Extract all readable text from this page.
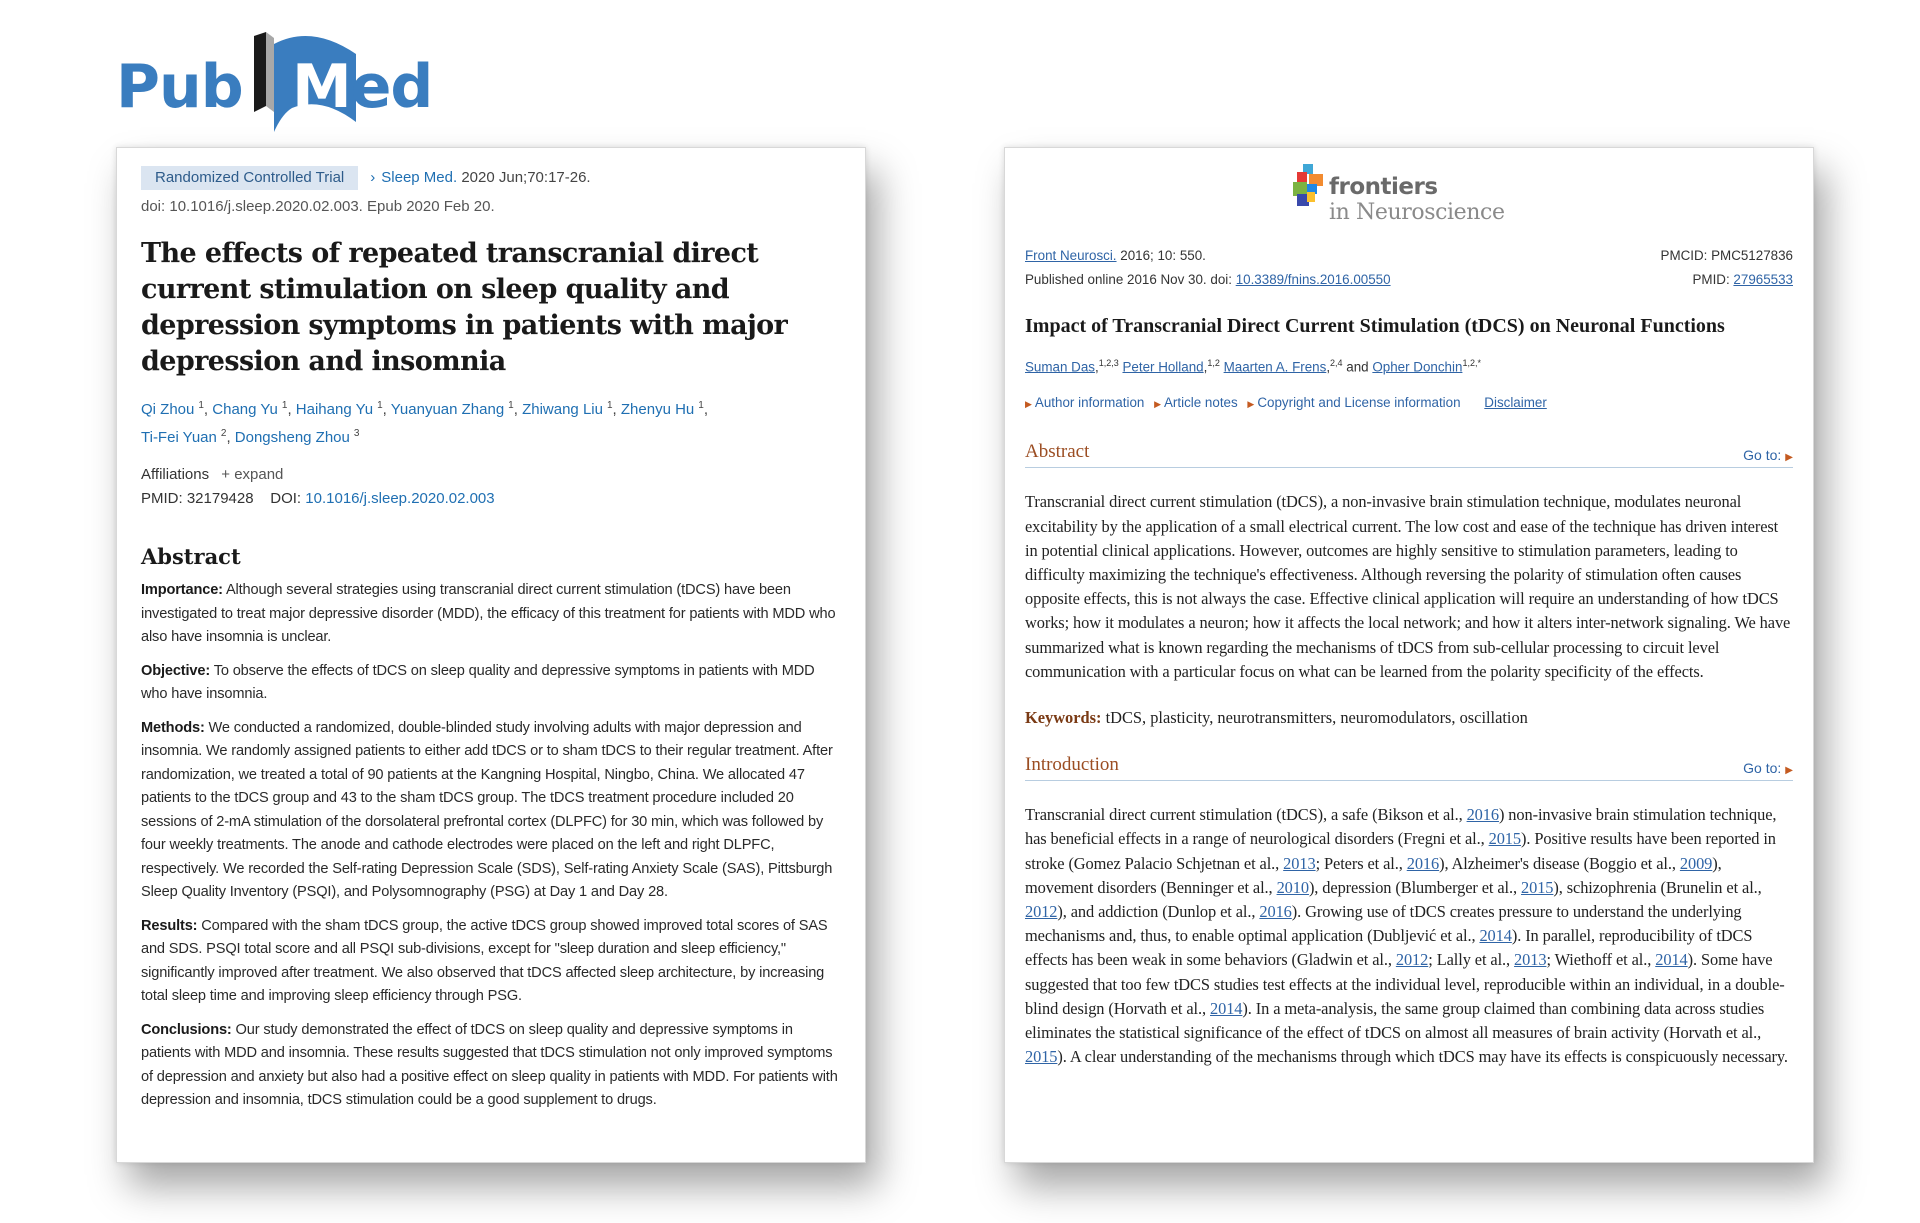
Pub Med
Randomized Controlled Trial	› Sleep Med.
2020 Jun;70:17-26.
doi: 10.1016/j.sleep.2020.02.003. Epub 2020 Feb 20.
The effects of repeated transcranial direct current stimulation on sleep quality and depression symptoms in patients with major depression and insomnia
Qi Zhou $^1$, Chang Yu $^1$, Haihang Yu $^1$, Yuanyuan Zhang $^1$, Zhiwang Liu $^1$, Zhenyu Hu $^1$,
Ti-Fei Yuan $^2$, Dongsheng Zhou $^3$
Affiliations + expand
PMID: 32179428 DOI: 10.1016/j.sleep.2020.02.003
Abstract

Importance: Although several strategies using transcranial direct current stimulation (tDCS) have been investigated to treat major depressive disorder (MDD), the efficacy of this treatment for patients with MDD who also have insomnia is unclear.

Objective: To observe the effects of tDCS on sleep quality and depressive symptoms in patients with MDD who have insomnia.

Methods: We conducted a randomized, double-blinded study involving adults with major depression and insomnia. We randomly assigned patients to either add tDCS or to sham tDCS to their regular treatment. After randomization, we treated a total of 90 patients at the Kangning Hospital, Ningbo, China. We allocated 47 patients to the tDCS group and 43 to the sham tDCS group. The tDCS treatment procedure included 20 sessions of 2-mA stimulation of the dorsolateral prefrontal cortex (DLPFC) for 30 min, which was followed by four weekly treatments. The anode and cathode electrodes were placed on the left and right DLPFC, respectively. We recorded the Self-rating Depression Scale (SDS), Self-rating Anxiety Scale (SAS), Pittsburgh Sleep Quality Inventory (PSQI), and Polysomnography (PSG) at Day 1 and Day 28.

Results: Compared with the sham tDCS group, the active tDCS group showed improved total scores of SAS and SDS. PSQI total score and all PSQI sub-divisions, except for "sleep duration and sleep efficiency," significantly improved after treatment. We also observed that tDCS affected sleep architecture, by increasing total sleep time and improving sleep efficiency through PSG.

Conclusions: Our study demonstrated the effect of tDCS on sleep quality and depressive symptoms in patients with MDD and insomnia. These results suggested that tDCS stimulation not only improved symptoms of depression and anxiety but also had a positive effect on sleep quality in patients with MDD. For patients with depression and insomnia, tDCS stimulation could be a good supplement to drugs.

frontiers
in Neuroscience
Front Neurosci. 2016; 10: 550.
Published online 2016 Nov 30. doi: 10.3389/fnins.2016.00550
PMCID: PMC5127836
PMID: 27965533
Impact of Transcranial Direct Current Stimulation (tDCS) on Neuronal Functions
Suman Das,$^{1,2,3}$ Peter Holland,$^{1,2}$ Maarten A. Frens,$^{2,4}$ and Opher Donchin$^{1,2,*}$
▶ Author information ▶ Article notes ▶ Copyright and License information Disclaimer
Abstract	Go to: ▶

Transcranial direct current stimulation (tDCS), a non-invasive brain stimulation technique, modulates neuronal excitability by the application of a small electrical current. The low cost and ease of the technique has driven interest in potential clinical applications. However, outcomes are highly sensitive to stimulation parameters, leading to difficulty maximizing the technique's effectiveness. Although reversing the polarity of stimulation often causes opposite effects, this is not always the case. Effective clinical application will require an understanding of how tDCS works; how it modulates a neuron; how it affects the local network; and how it alters inter-network signaling. We have summarized what is known regarding the mechanisms of tDCS from sub-cellular processing to circuit level communication with a particular focus on what can be learned from the polarity specificity of the effects.

Keywords: tDCS, plasticity, neurotransmitters, neuromodulators, oscillation

Introduction	Go to: ▶

Transcranial direct current stimulation (tDCS), a safe (Bikson et al., 2016) non-invasive brain stimulation technique, has beneficial effects in a range of neurological disorders (Fregni et al., 2015). Positive results have been reported in stroke (Gomez Palacio Schjetnan et al., 2013; Peters et al., 2016), Alzheimer's disease (Boggio et al., 2009), movement disorders (Benninger et al., 2010), depression (Blumberger et al., 2015), schizophrenia (Brunelin et al., 2012), and addiction (Dunlop et al., 2016). Growing use of tDCS creates pressure to understand the underlying mechanisms and, thus, to enable optimal application (Dubljević et al., 2014). In parallel, reproducibility of tDCS effects has been weak in some behaviors (Gladwin et al., 2012; Lally et al., 2013; Wiethoff et al., 2014). Some have suggested that too few tDCS studies test effects at the individual level, reproducible within an individual, in a double-blind design (Horvath et al., 2014). In a meta-analysis, the same group claimed than combining data across studies eliminates the statistical significance of the effect of tDCS on almost all measures of brain activity (Horvath et al., 2015). A clear understanding of the mechanisms through which tDCS may have its effects is conspicuously necessary.
